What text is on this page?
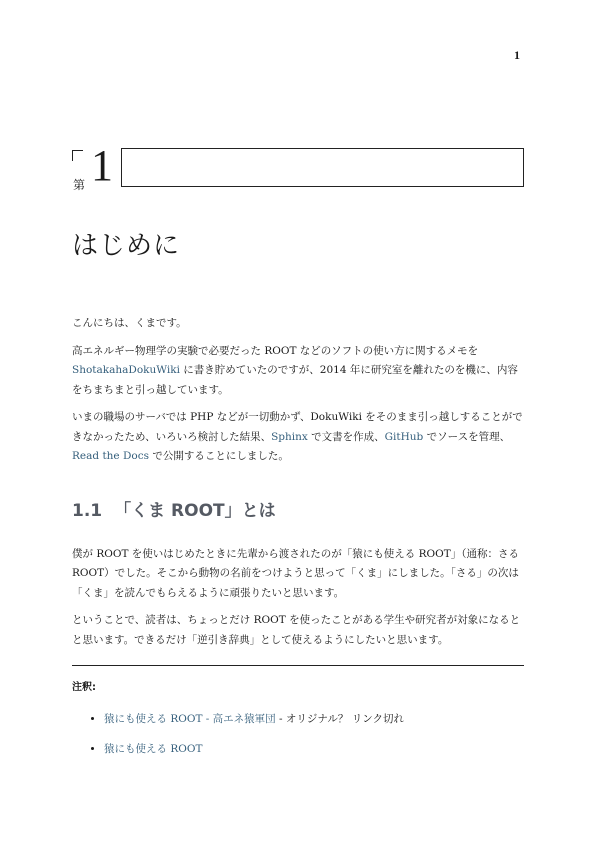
1
第 1
はじめに

こんにちは、くまです。

高エネルギー物理学の実験で必要だった ROOT などのソフトの使い方に関するメモを
ShotakahaDokuWiki に書き貯めていたのですが、2014 年に研究室を離れたのを機に、内容をちまちまと引っ越しています。

いまの職場のサーバでは PHP などが一切動かず、DokuWiki をそのまま引っ越しすることができなかったため、いろいろ検討した結果、Sphinx で文書を作成、GitHub でソースを管理、Read the Docs で公開することにしました。

1.1 「くま ROOT」とは

僕が ROOT を使いはじめたときに先輩から渡されたのが「猿にも使える ROOT」（通称：さる ROOT）でした。そこから動物の名前をつけようと思って「くま」にしました。「さる」の次は「くま」を読んでもらえるように頑張りたいと思います。

ということで、読者は、ちょっとだけ ROOT を使ったことがある学生や研究者が対象になるとと思います。できるだけ「逆引き辞典」として使えるようにしたいと思います。

注釈:
• 猿にも使える ROOT - 高エネ猿軍団 - オリジナル？ リンク切れ
• 猿にも使える ROOT
